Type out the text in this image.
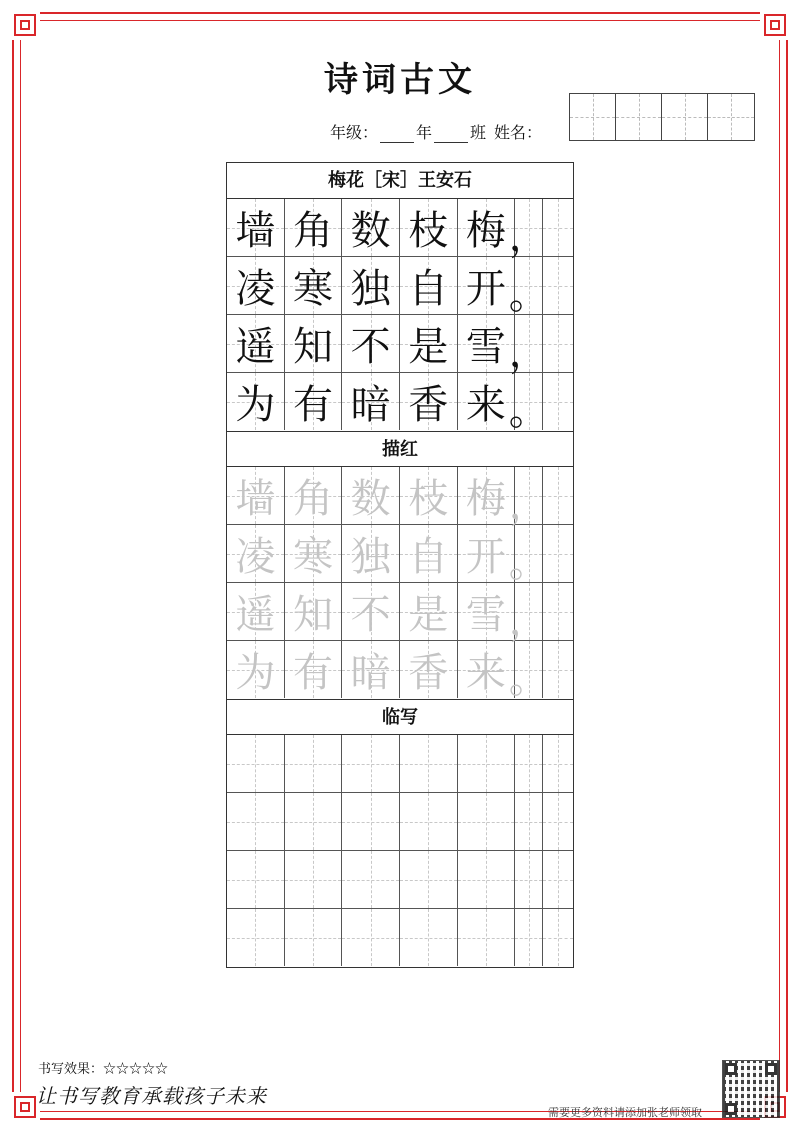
诗词古文
年级： 年 班 姓名：
梅花［宋］王安石
墙 角 数 枝 梅 ，
凌 寒 独 自 开 。
遥 知 不 是 雪 ，
为 有 暗 香 来 。
描红
墙 角 数 枝 梅 ，
凌 寒 独 自 开 。
遥 知 不 是 雪 ，
为 有 暗 香 来 。
临写
书写效果：☆☆☆☆☆
让书写教育承载孩子未来
需要更多资料请添加张老师领取
